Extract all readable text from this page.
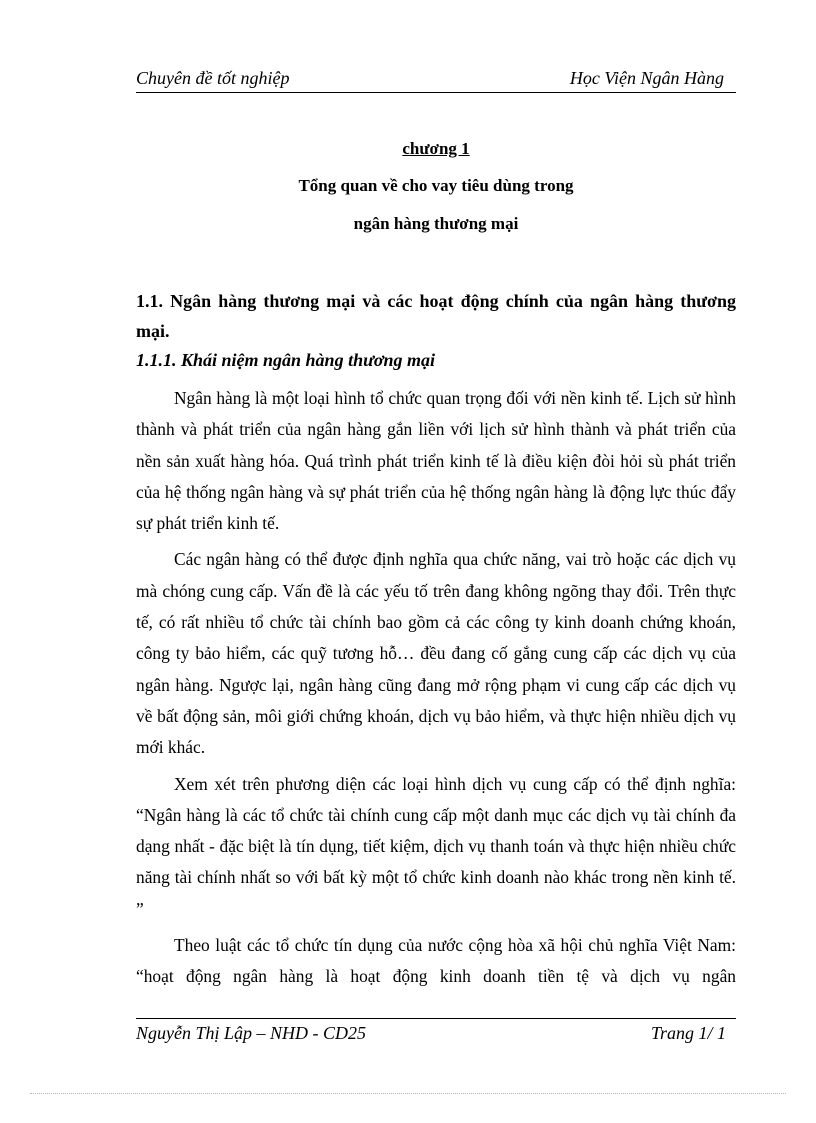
Chuyên đề tốt nghiệp	Học Viện Ngân Hàng
chương 1
Tổng quan về cho vay tiêu dùng trong
ngân hàng thương mại
1.1. Ngân hàng thương mại và các hoạt động chính của ngân hàng thương mại.
1.1.1. Khái niệm ngân hàng thương mại

Ngân hàng là một loại hình tổ chức quan trọng đối với nền kinh tế. Lịch sử hình thành và phát triển của ngân hàng gắn liền với lịch sử hình thành và phát triển của nền sản xuất hàng hóa. Quá trình phát triển kinh tế là điều kiện đòi hỏi sù phát triển của hệ thống ngân hàng và sự phát triển của hệ thống ngân hàng là động lực thúc đẩy sự phát triển kinh tế.

Các ngân hàng có thể được định nghĩa qua chức năng, vai trò hoặc các dịch vụ mà chóng cung cấp. Vấn đề là các yếu tố trên đang không ngõng thay đổi. Trên thực tế, có rất nhiều tổ chức tài chính bao gồm cả các công ty kinh doanh chứng khoán, công ty bảo hiểm, các quỹ tương hỗ… đều đang cố gắng cung cấp các dịch vụ của ngân hàng. Ngược lại, ngân hàng cũng đang mở rộng phạm vi cung cấp các dịch vụ về bất động sản, môi giới chứng khoán, dịch vụ bảo hiểm, và thực hiện nhiều dịch vụ mới khác.

Xem xét trên phương diện các loại hình dịch vụ cung cấp có thể định nghĩa: “Ngân hàng là các tổ chức tài chính cung cấp một danh mục các dịch vụ tài chính đa dạng nhất - đặc biệt là tín dụng, tiết kiệm, dịch vụ thanh toán và thực hiện nhiều chức năng tài chính nhất so với bất kỳ một tổ chức kinh doanh nào khác trong nền kinh tế. ”

Theo luật các tổ chức tín dụng của nước cộng hòa xã hội chủ nghĩa Việt Nam: “hoạt động ngân hàng là hoạt động kinh doanh tiền tệ và dịch vụ ngân

Nguyễn Thị Lập – NHD - CD25	Trang 1/ 1
